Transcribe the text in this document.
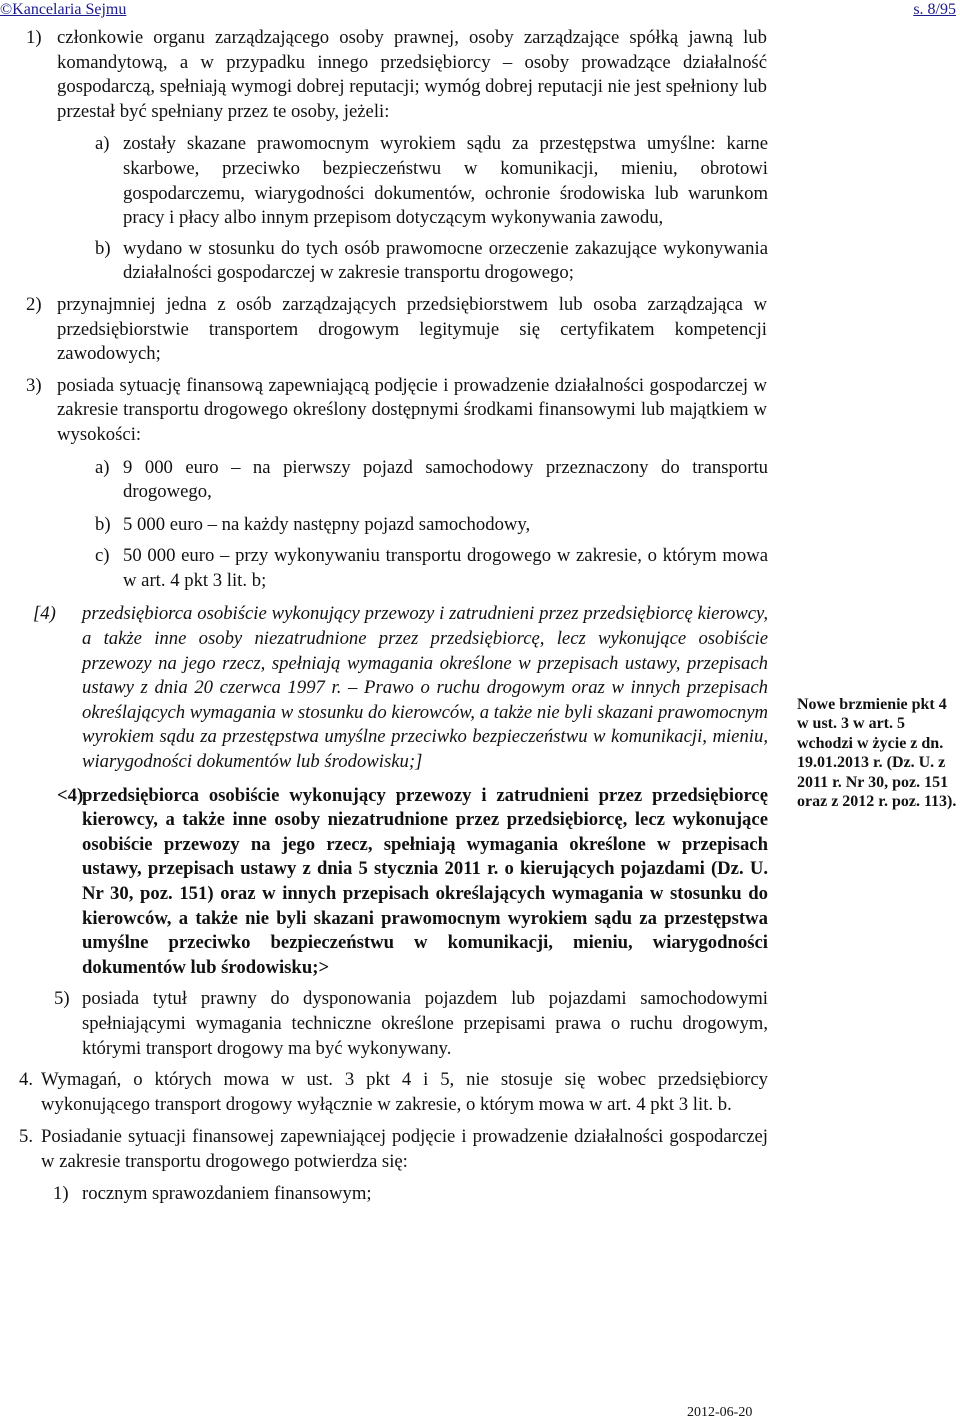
©Kancelaria Sejmu	s. 8/95
1) członkowie organu zarządzającego osoby prawnej, osoby zarządzające spółką jawną lub komandytową, a w przypadku innego przedsiębiorcy – osoby prowadzące działalność gospodarczą, spełniają wymogi dobrej reputacji; wymóg dobrej reputacji nie jest spełniony lub przestał być spełniany przez te osoby, jeżeli:
a) zostały skazane prawomocnym wyrokiem sądu za przestępstwa umyślne: karne skarbowe, przeciwko bezpieczeństwu w komunikacji, mieniu, obrotowi gospodarczemu, wiarygodności dokumentów, ochronie środowiska lub warunkom pracy i płacy albo innym przepisom dotyczącym wykonywania zawodu,
b) wydano w stosunku do tych osób prawomocne orzeczenie zakazujące wykonywania działalności gospodarczej w zakresie transportu drogowego;
2) przynajmniej jedna z osób zarządzających przedsiębiorstwem lub osoba zarządzająca w przedsiębiorstwie transportem drogowym legitymuje się certyfikatem kompetencji zawodowych;
3) posiada sytuację finansową zapewniającą podjęcie i prowadzenie działalności gospodarczej w zakresie transportu drogowego określony dostępnymi środkami finansowymi lub majątkiem w wysokości:
a) 9 000 euro – na pierwszy pojazd samochodowy przeznaczony do transportu drogowego,
b) 5 000 euro – na każdy następny pojazd samochodowy,
c) 50 000 euro – przy wykonywaniu transportu drogowego w zakresie, o którym mowa w art. 4 pkt 3 lit. b;
[4) przedsiębiorca osobiście wykonujący przewozy i zatrudnieni przez przedsiębiorcę kierowcy, a także inne osoby niezatrudnione przez przedsiębiorcę, lecz wykonujące osobiście przewozy na jego rzecz, spełniają wymagania określone w przepisach ustawy, przepisach ustawy z dnia 20 czerwca 1997 r. – Prawo o ruchu drogowym oraz w innych przepisach określających wymagania w stosunku do kierowców, a także nie byli skazani prawomocnym wyrokiem sądu za przestępstwa umyślne przeciwko bezpieczeństwu w komunikacji, mieniu, wiarygodności dokumentów lub środowisku;]
<4)
przedsiębiorca osobiście wykonujący przewozy i zatrudnieni przez przedsiębiorcę kierowcy, a także inne osoby niezatrudnione przez przedsiębiorcę, lecz wykonujące osobiście przewozy na jego rzecz, spełniają wymagania określone w przepisach ustawy, przepisach ustawy z dnia 5 stycznia 2011 r. o kierujących pojazdami (Dz. U. Nr 30, poz. 151) oraz w innych przepisach określających wymagania w stosunku do kierowców, a także nie byli skazani prawomocnym wyrokiem sądu za przestępstwa umyślne przeciwko bezpieczeństwu w komunikacji, mieniu, wiarygodności dokumentów lub środowisku;>
5) posiada tytuł prawny do dysponowania pojazdem lub pojazdami samochodowymi spełniającymi wymagania techniczne określone przepisami prawa o ruchu drogowym, którymi transport drogowy ma być wykonywany.
4. Wymagań, o których mowa w ust. 3 pkt 4 i 5, nie stosuje się wobec przedsiębiorcy wykonującego transport drogowy wyłącznie w zakresie, o którym mowa w art. 4 pkt 3 lit. b.
5. Posiadanie sytuacji finansowej zapewniającej podjęcie i prowadzenie działalności gospodarczej w zakresie transportu drogowego potwierdza się:
1) rocznym sprawozdaniem finansowym;
Nowe brzmienie pkt 4 w ust. 3 w art. 5 wchodzi w życie z dn. 19.01.2013 r. (Dz. U. z 2011 r. Nr 30, poz. 151 oraz z 2012 r. poz. 113).
2012-06-20
